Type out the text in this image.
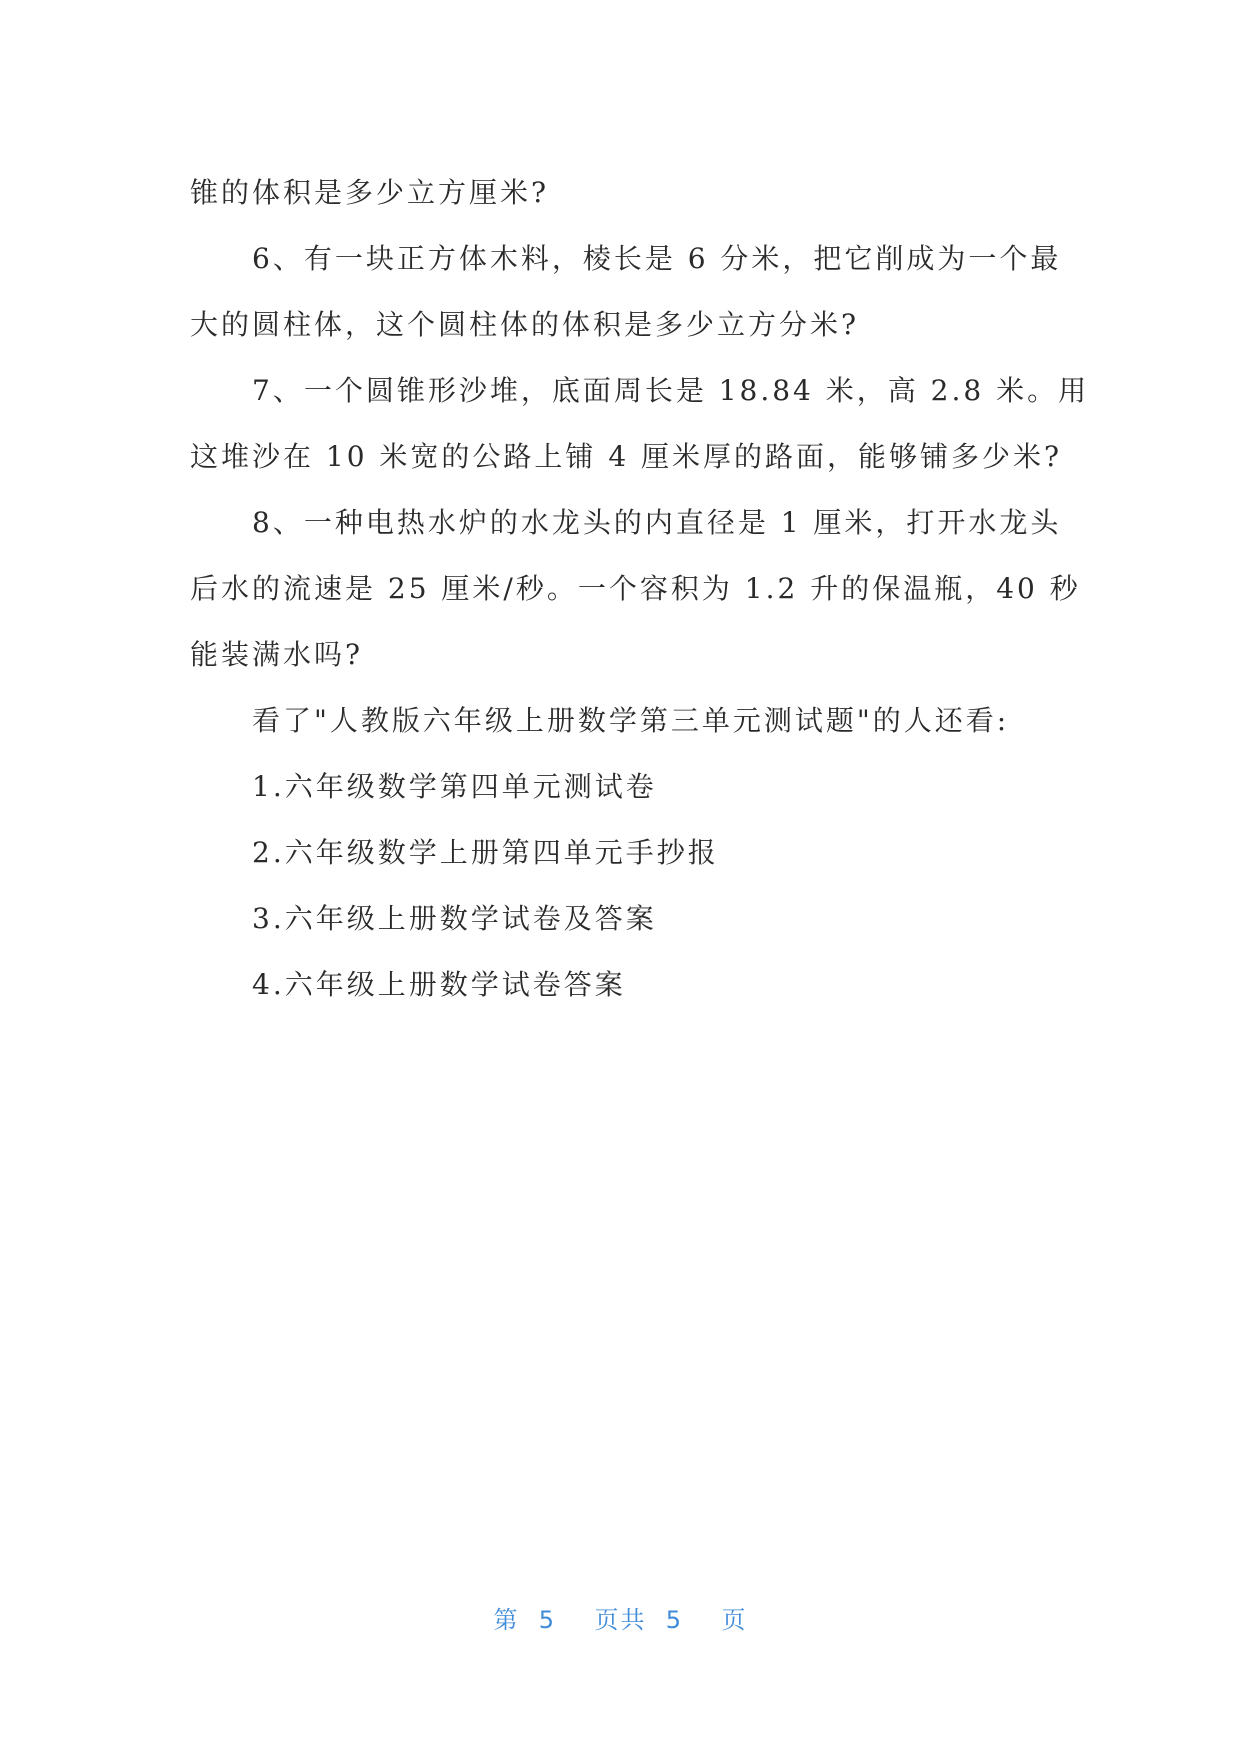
锥的体积是多少立方厘米?
6、有一块正方体木料，棱长是 6 分米，把它削成为一个最
大的圆柱体，这个圆柱体的体积是多少立方分米?
7、一个圆锥形沙堆，底面周长是 18.84 米，高 2.8 米。用
这堆沙在 10 米宽的公路上铺 4 厘米厚的路面，能够铺多少米?
8、一种电热水炉的水龙头的内直径是 1 厘米，打开水龙头
后水的流速是 25 厘米/秒。一个容积为 1.2 升的保温瓶，40 秒
能装满水吗?
看了"人教版六年级上册数学第三单元测试题"的人还看:
1.六年级数学第四单元测试卷
2.六年级数学上册第四单元手抄报
3.六年级上册数学试卷及答案
4.六年级上册数学试卷答案
第  5    页共  5    页
